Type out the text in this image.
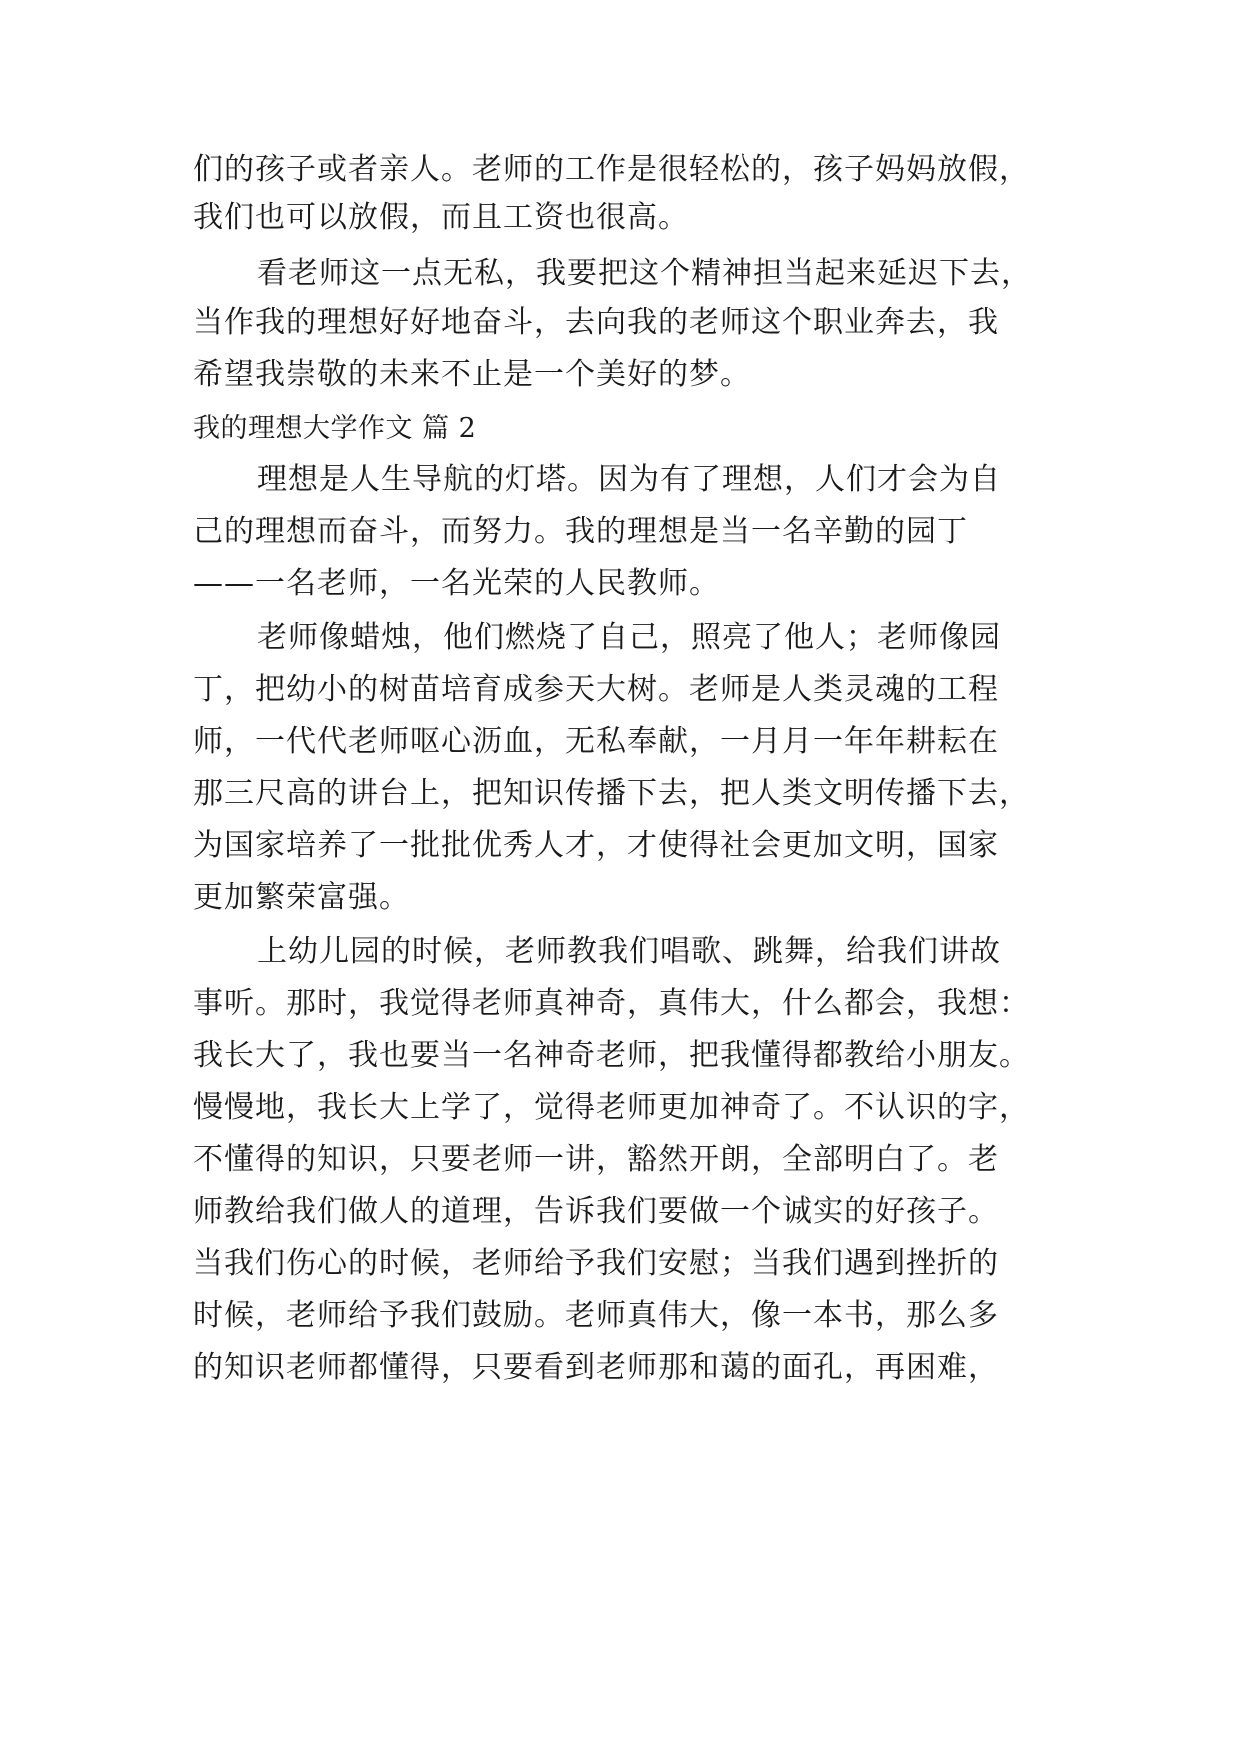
们的孩子或者亲人。老师的工作是很轻松的，孩子妈妈放假，
我们也可以放假，而且工资也很高。
看老师这一点无私，我要把这个精神担当起来延迟下去，
当作我的理想好好地奋斗，去向我的老师这个职业奔去，我
希望我崇敬的未来不止是一个美好的梦。
我的理想大学作文 篇 2
理想是人生导航的灯塔。因为有了理想，人们才会为自
己的理想而奋斗，而努力。我的理想是当一名辛勤的园丁
——一名老师，一名光荣的人民教师。
老师像蜡烛，他们燃烧了自己，照亮了他人；老师像园
丁，把幼小的树苗培育成参天大树。老师是人类灵魂的工程
师，一代代老师呕心沥血，无私奉献，一月月一年年耕耘在
那三尺高的讲台上，把知识传播下去，把人类文明传播下去，
为国家培养了一批批优秀人才，才使得社会更加文明，国家
更加繁荣富强。
上幼儿园的时候，老师教我们唱歌、跳舞，给我们讲故
事听。那时，我觉得老师真神奇，真伟大，什么都会，我想：
我长大了，我也要当一名神奇老师，把我懂得都教给小朋友。
慢慢地，我长大上学了，觉得老师更加神奇了。不认识的字，
不懂得的知识，只要老师一讲，豁然开朗，全部明白了。老
师教给我们做人的道理，告诉我们要做一个诚实的好孩子。
当我们伤心的时候，老师给予我们安慰；当我们遇到挫折的
时候，老师给予我们鼓励。老师真伟大，像一本书，那么多
的知识老师都懂得，只要看到老师那和蔼的面孔，再困难，
